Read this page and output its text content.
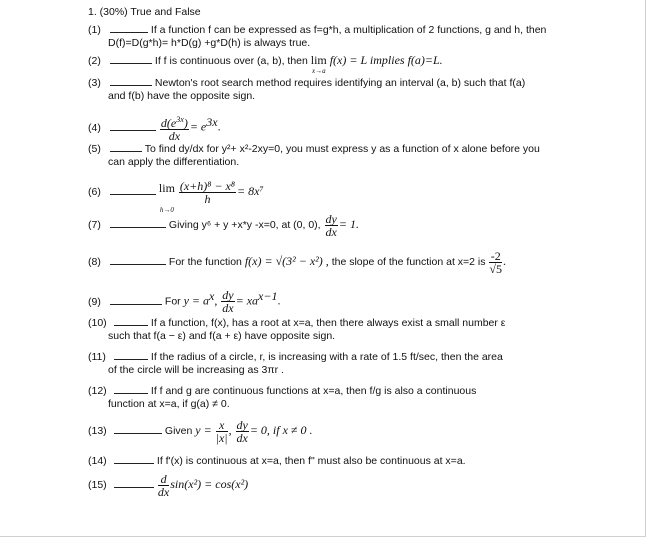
1. (30%) True and False
(1)	If a function f can be expressed as f=g*h, a multiplication of 2 functions, g and h, then
D(f)=D(g*h)= h*D(g) +g*D(h) is always true.
(2)	If f is continuous over (a, b), then lim
x→a
f(x) = L implies f(a)=L.
(3)	Newton's root search method requires identifying an interval (a, b) such that f(a)
and f(b) have the opposite sign.
(4)	$\frac{d(e^{3x})}{dx} = e^{3x}$.
(5)	To find dy/dx for y²+ x²-2xy=0, you must express y as a function of x alone before you
can apply the differentiation.
(6)	lim
h→0

$\frac{\text{(x+h)⁸ − x⁸}}{h} = 8x^7$
(7)	Giving y⁶ + y +x*y -x=0, at (0, 0), $\frac{dy}{dx} = 1$.
(8)	For the function f(x) = √(3² − x²) , the slope of the function at x=2 is $\frac{-2}{√5}$ .
(9)	For $y = a^x$, $\frac{dy}{dx} = xa^{x-1}$.
(10)	If a function, f(x), has a root at x=a, then there always exist a small number ε
such that f(a − ε) and f(a + ε) have opposite sign.
(11)	If the radius of a circle, r, is increasing with a rate of 1.5 ft/sec, then the area
of the circle will be increasing as 3πr .
(12)	If f and g are continuous functions at x=a, then f/g is also a continuous
function at x=a, if g(a) ≠ 0.
(13)	Given $y = \frac{x}{|x|}$ , $\frac{dy}{dx} = 0$, if x ≠ 0 .
(14)	If f'(x) is continuous at x=a, then f" must also be continuous at x=a.
(15)	$\frac{d}{dx} \sin(x^2) = \cos(x^2)$
